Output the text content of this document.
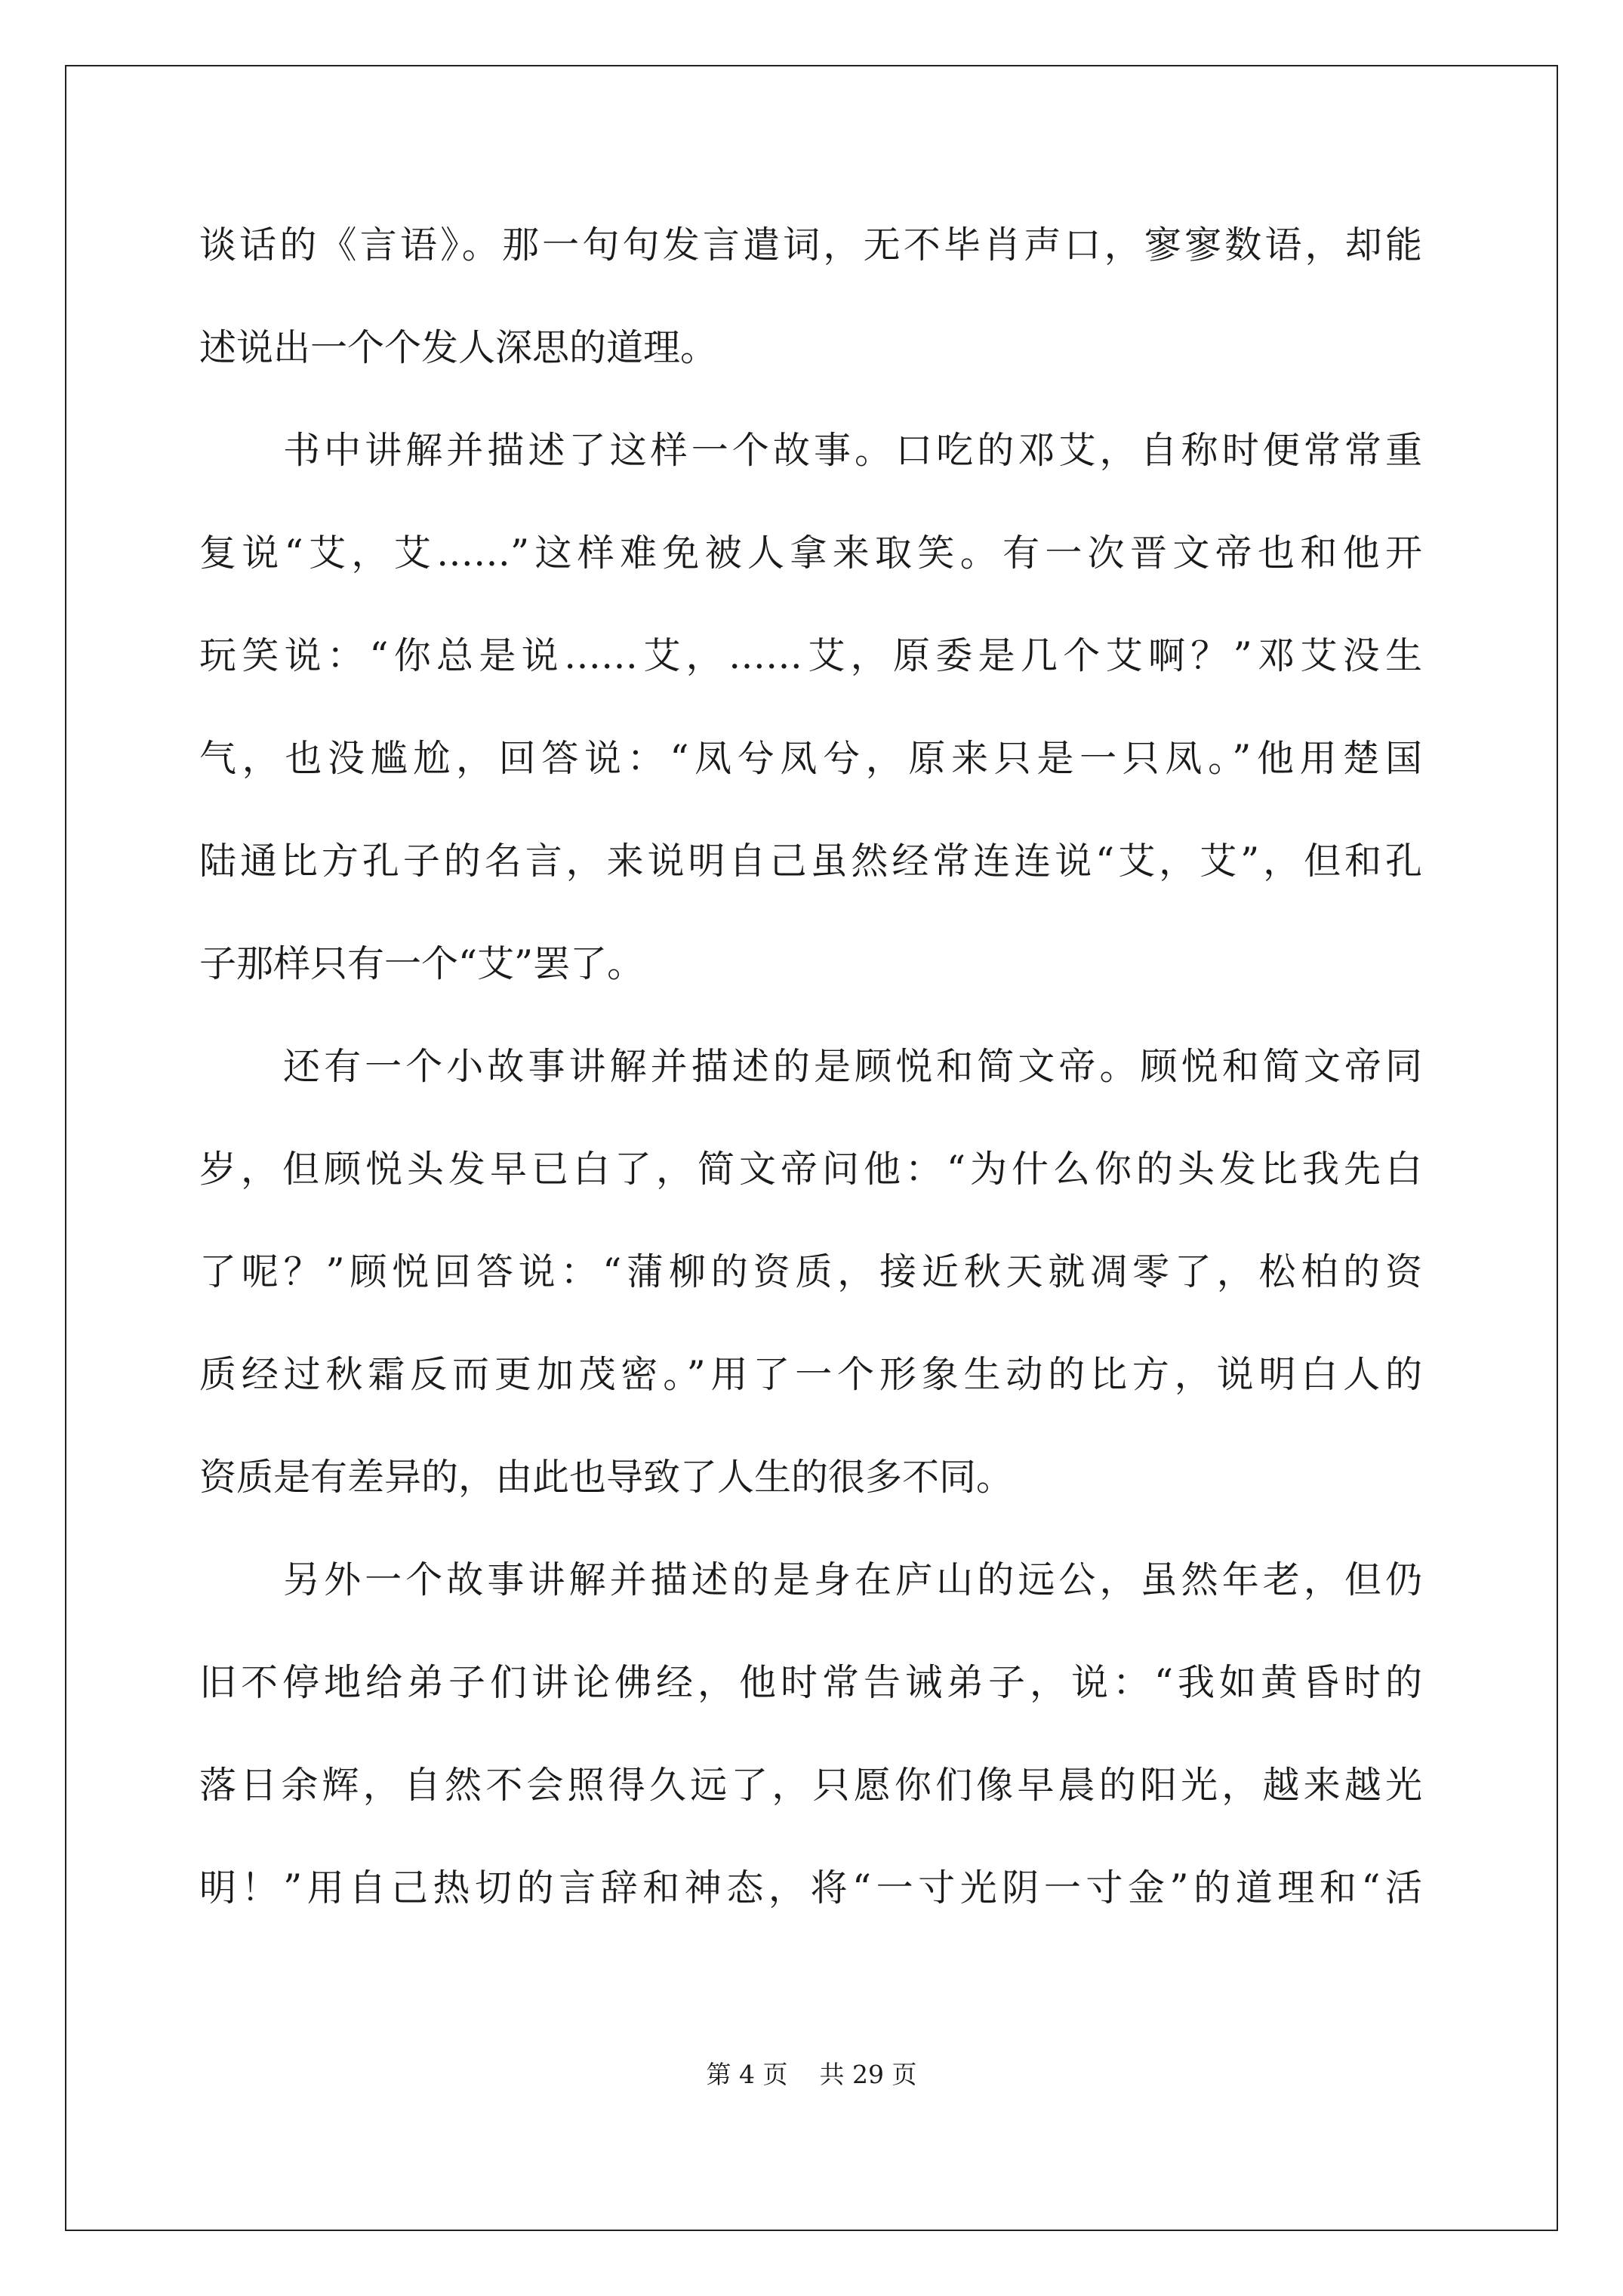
谈话的《言语》。那一句句发言遣词，无不毕肖声口，寥寥数语，却能
述说出一个个发人深思的道理。
书中讲解并描述了这样一个故事。口吃的邓艾，自称时便常常重
复说“艾，艾……”这样难免被人拿来取笑。有一次晋文帝也和他开
玩笑说：“你总是说……艾，……艾，原委是几个艾啊？”邓艾没生
气，也没尴尬，回答说：“凤兮凤兮，原来只是一只凤。”他用楚国
陆通比方孔子的名言，来说明自己虽然经常连连说“艾，艾”，但和孔
子那样只有一个“艾”罢了。
还有一个小故事讲解并描述的是顾悦和简文帝。顾悦和简文帝同
岁，但顾悦头发早已白了，简文帝问他：“为什么你的头发比我先白
了呢？”顾悦回答说：“蒲柳的资质，接近秋天就凋零了，松柏的资
质经过秋霜反而更加茂密。”用了一个形象生动的比方，说明白人的
资质是有差异的，由此也导致了人生的很多不同。
另外一个故事讲解并描述的是身在庐山的远公，虽然年老，但仍
旧不停地给弟子们讲论佛经，他时常告诫弟子，说：“我如黄昏时的
落日余辉，自然不会照得久远了，只愿你们像早晨的阳光，越来越光
明！”用自己热切的言辞和神态，将“一寸光阴一寸金”的道理和“活
第 4 页 共 29 页
